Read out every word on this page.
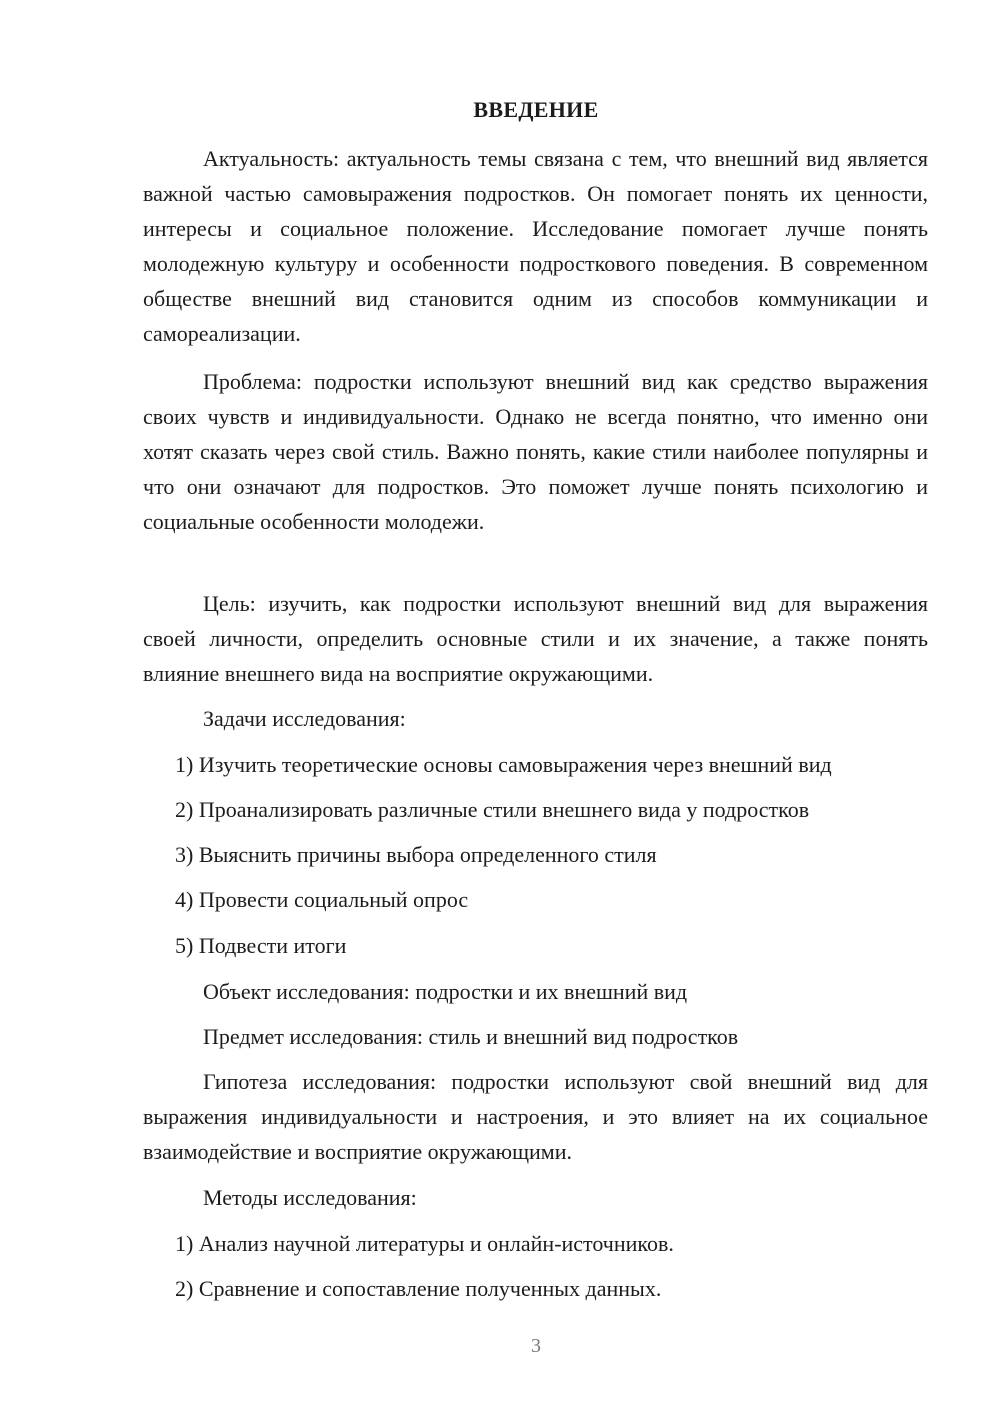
ВВЕДЕНИЕ

Актуальность: актуальность темы связана с тем, что внешний вид является важной частью самовыражения подростков. Он помогает понять их ценности, интересы и социальное положение. Исследование помогает лучше понять молодежную культуру и особенности подросткового поведения. В современном обществе внешний вид становится одним из способов коммуникации и самореализации.

Проблема: подростки используют внешний вид как средство выражения своих чувств и индивидуальности. Однако не всегда понятно, что именно они хотят сказать через свой стиль. Важно понять, какие стили наиболее популярны и что они означают для подростков. Это поможет лучше понять психологию и социальные особенности молодежи.

Цель: изучить, как подростки используют внешний вид для выражения своей личности, определить основные стили и их значение, а также понять влияние внешнего вида на восприятие окружающими.

Задачи исследования:

1) Изучить теоретические основы самовыражения через внешний вид

2) Проанализировать различные стили внешнего вида у подростков

3) Выяснить причины выбора определенного стиля

4) Провести социальный опрос

5) Подвести итоги

Объект исследования: подростки и их внешний вид

Предмет исследования: стиль и внешний вид подростков

Гипотеза исследования: подростки используют свой внешний вид для выражения индивидуальности и настроения, и это влияет на их социальное взаимодействие и восприятие окружающими.

Методы исследования:

1) Анализ научной литературы и онлайн-источников.

2) Сравнение и сопоставление полученных данных.

3
